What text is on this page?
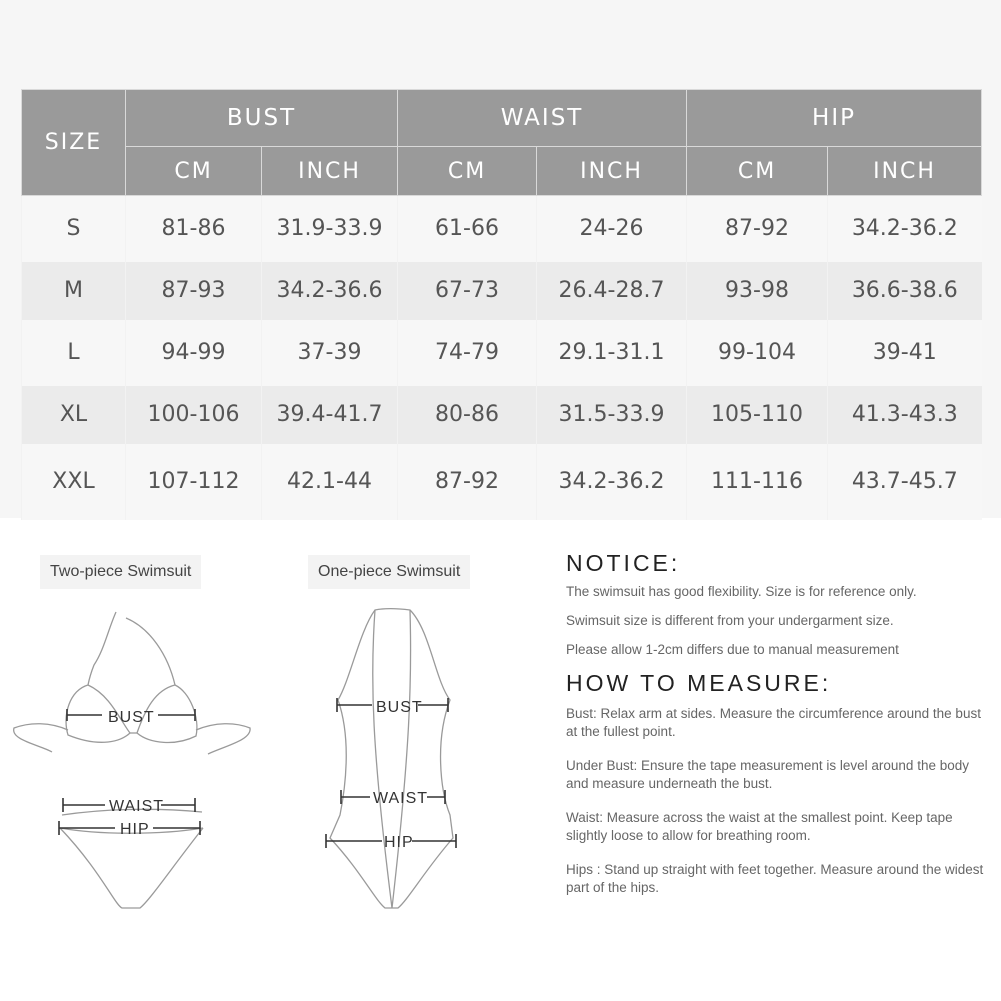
SIZE	BUST		WAIST		HIP	
	CM	INCH	CM	INCH	CM	INCH
S	81-86	31.9-33.9	61-66	24-26	87-92	34.2-36.2
M	87-93	34.2-36.6	67-73	26.4-28.7	93-98	36.6-38.6
L	94-99	37-39	74-79	29.1-31.1	99-104	39-41
XL	100-106	39.4-41.7	80-86	31.5-33.9	105-110	41.3-43.3
XXL	107-112	42.1-44	87-92	34.2-36.2	111-116	43.7-45.7
Two-piece Swimsuit
BUST
WAIST
HIP
One-piece Swimsuit
BUST
WAIST
HIP
NOTICE:

The swimsuit has good flexibility. Size is for reference only.

Swimsuit size is different from your undergarment size.

Please allow 1-2cm differs due to manual measurement

HOW TO MEASURE:

Bust: Relax arm at sides. Measure the circumference around the bust at the fullest point.

Under Bust: Ensure the tape measurement is level around the body and measure underneath the bust.

Waist: Measure across the waist at the smallest point. Keep tape slightly loose to allow for breathing room.

Hips : Stand up straight with feet together. Measure around the widest part of the hips.
